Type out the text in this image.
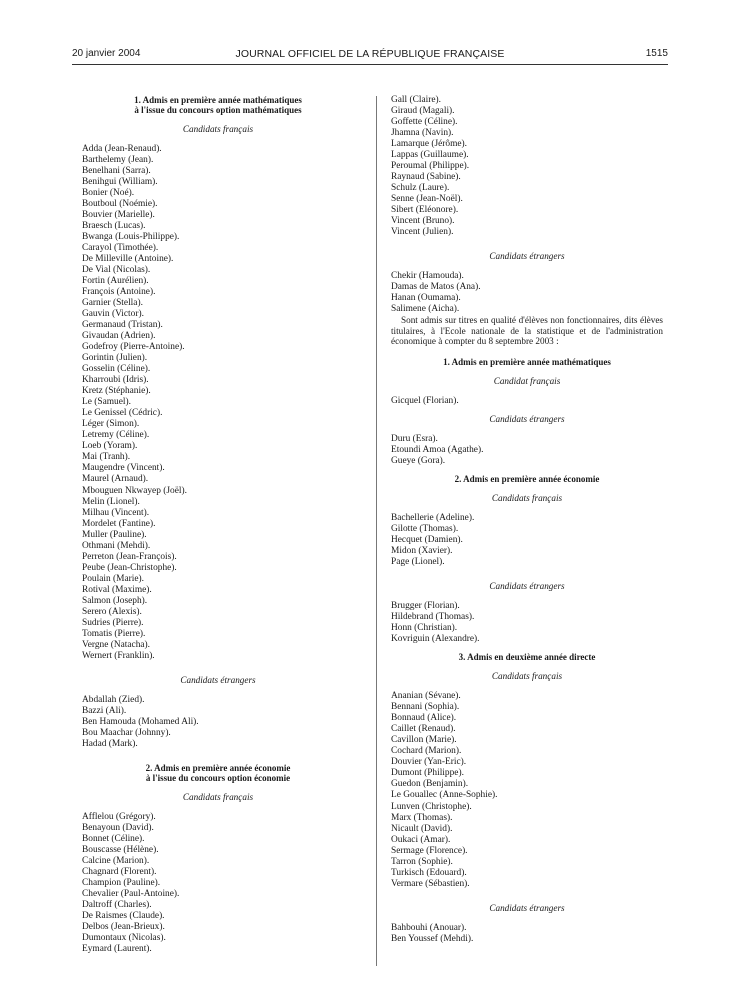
20 janvier 2004	JOURNAL OFFICIEL DE LA RÉPUBLIQUE FRANÇAISE	1515
1. Admis en première année mathématiques
à l'issue du concours option mathématiques
Candidats français
Adda (Jean-Renaud).
Barthelemy (Jean).
Benelhani (Sarra).
Benihgui (William).
Bonier (Noé).
Boutboul (Noémie).
Bouvier (Marielle).
Braesch (Lucas).
Bwanga (Louis-Philippe).
Carayol (Timothée).
De Milleville (Antoine).
De Vial (Nicolas).
Fortin (Aurélien).
François (Antoine).
Garnier (Stella).
Gauvin (Victor).
Germanaud (Tristan).
Givaudan (Adrien).
Godefroy (Pierre-Antoine).
Gorintin (Julien).
Gosselin (Céline).
Kharroubi (Idris).
Kretz (Stéphanie).
Le (Samuel).
Le Genissel (Cédric).
Léger (Simon).
Letremy (Céline).
Loeb (Yoram).
Mai (Tranh).
Maugendre (Vincent).
Maurel (Arnaud).
Mbouguen Nkwayep (Joël).
Melin (Lionel).
Milhau (Vincent).
Mordelet (Fantine).
Muller (Pauline).
Othmani (Mehdi).
Perreton (Jean-François).
Peube (Jean-Christophe).
Poulain (Marie).
Rotival (Maxime).
Salmon (Joseph).
Serero (Alexis).
Sudries (Pierre).
Tomatis (Pierre).
Vergne (Natacha).
Wernert (Franklin).
Candidats étrangers
Abdallah (Zied).
Bazzi (Ali).
Ben Hamouda (Mohamed Ali).
Bou Maachar (Johnny).
Hadad (Mark).
2. Admis en première année économie
à l'issue du concours option économie
Candidats français
Afflelou (Grégory).
Benayoun (David).
Bonnet (Céline).
Bouscasse (Hélène).
Calcine (Marion).
Chagnard (Florent).
Champion (Pauline).
Chevalier (Paul-Antoine).
Daltroff (Charles).
De Raismes (Claude).
Delbos (Jean-Brieux).
Dumontaux (Nicolas).
Eymard (Laurent).
Gall (Claire).
Giraud (Magali).
Goffette (Céline).
Jhamna (Navin).
Lamarque (Jérôme).
Lappas (Guillaume).
Peroumal (Philippe).
Raynaud (Sabine).
Schulz (Laure).
Senne (Jean-Noël).
Sibert (Eléonore).
Vincent (Bruno).
Vincent (Julien).
Candidats étrangers
Chekir (Hamouda).
Damas de Matos (Ana).
Hanan (Oumama).
Salimene (Aicha).
Sont admis sur titres en qualité d'élèves non fonctionnaires, dits élèves titulaires, à l'Ecole nationale de la statistique et de l'administration économique à compter du 8 septembre 2003 :
1. Admis en première année mathématiques
Candidat français
Gicquel (Florian).
Candidats étrangers
Duru (Esra).
Etoundi Amoa (Agathe).
Gueye (Gora).
2. Admis en première année économie
Candidats français
Bachellerie (Adeline).
Gilotte (Thomas).
Hecquet (Damien).
Midon (Xavier).
Page (Lionel).
Candidats étrangers
Brugger (Florian).
Hildebrand (Thomas).
Honn (Christian).
Kovriguin (Alexandre).
3. Admis en deuxième année directe
Candidats français
Ananian (Sévane).
Bennani (Sophia).
Bonnaud (Alice).
Caillet (Renaud).
Cavillon (Marie).
Cochard (Marion).
Douvier (Yan-Eric).
Dumont (Philippe).
Guedon (Benjamin).
Le Gouallec (Anne-Sophie).
Lunven (Christophe).
Marx (Thomas).
Nicault (David).
Oukaci (Amar).
Sermage (Florence).
Tarron (Sophie).
Turkisch (Edouard).
Vermare (Sébastien).
Candidats étrangers
Bahbouhi (Anouar).
Ben Youssef (Mehdi).
